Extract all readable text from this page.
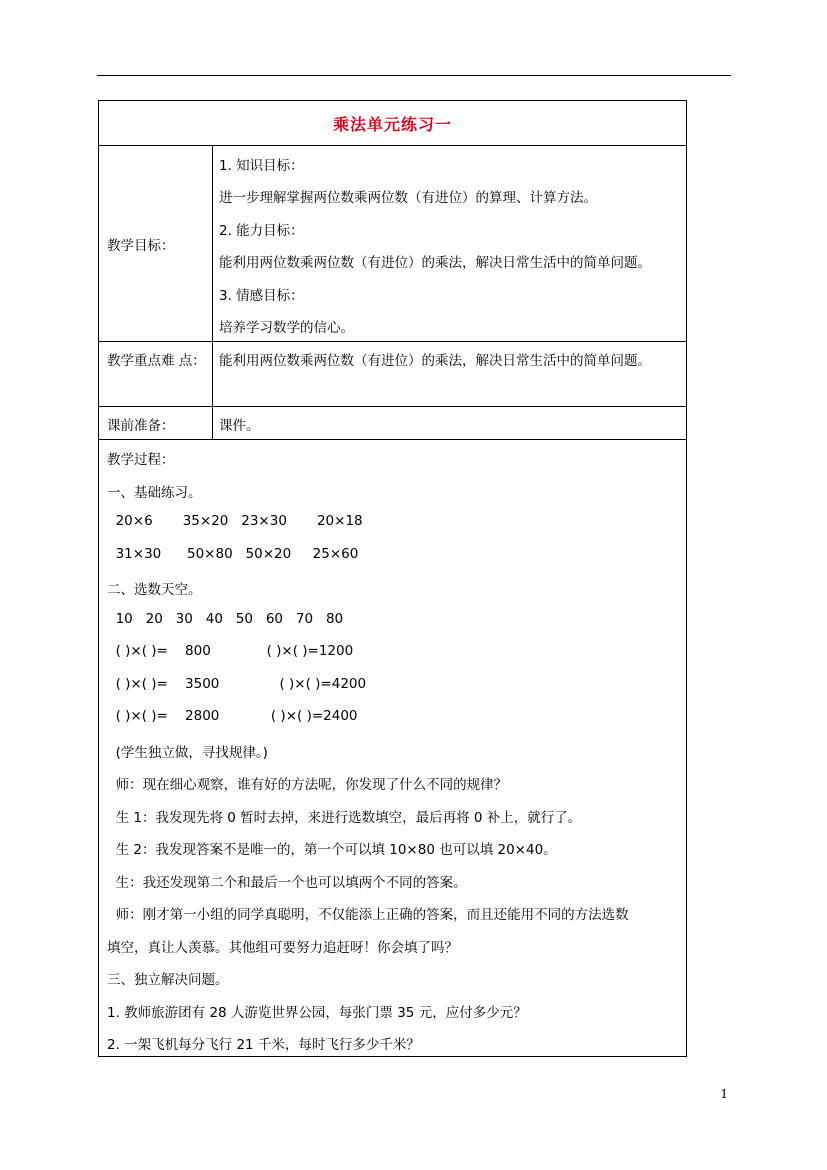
乘法单元练习一
教学目标：
1. 知识目标：
进一步理解掌握两位数乘两位数（有进位）的算理、计算方法。
2. 能力目标：
能利用两位数乘两位数（有进位）的乘法，解决日常生活中的简单问题。
3. 情感目标：
培养学习数学的信心。
教学重点难 点： 能利用两位数乘两位数（有进位）的乘法，解决日常生活中的简单问题。
课前准备：	课件。
教学过程：
一、基础练习。
20×6       35×20   23×30       20×18
31×30      50×80   50×20     25×60
二、选数天空。
10   20   30   40   50   60   70   80
( )×( )=    800             ( )×( )=1200
( )×( )=    3500              ( )×( )=4200
( )×( )=    2800            ( )×( )=2400
(学生独立做，寻找规律。)
师：现在细心观察，谁有好的方法呢，你发现了什么不同的规律？
生 1：我发现先将 0 暂时去掉，来进行选数填空，最后再将 0 补上，就行了。
生 2：我发现答案不是唯一的，第一个可以填 10×80 也可以填 20×40。
生：我还发现第二个和最后一个也可以填两个不同的答案。
师：刚才第一小组的同学真聪明，不仅能添上正确的答案，而且还能用不同的方法选数
填空，真让人羡慕。其他组可要努力追赶呀！你会填了吗？
三、独立解决问题。
1. 教师旅游团有 28 人游览世界公园，每张门票 35 元，应付多少元？
2. 一架飞机每分飞行 21 千米，每时飞行多少千米？
1
